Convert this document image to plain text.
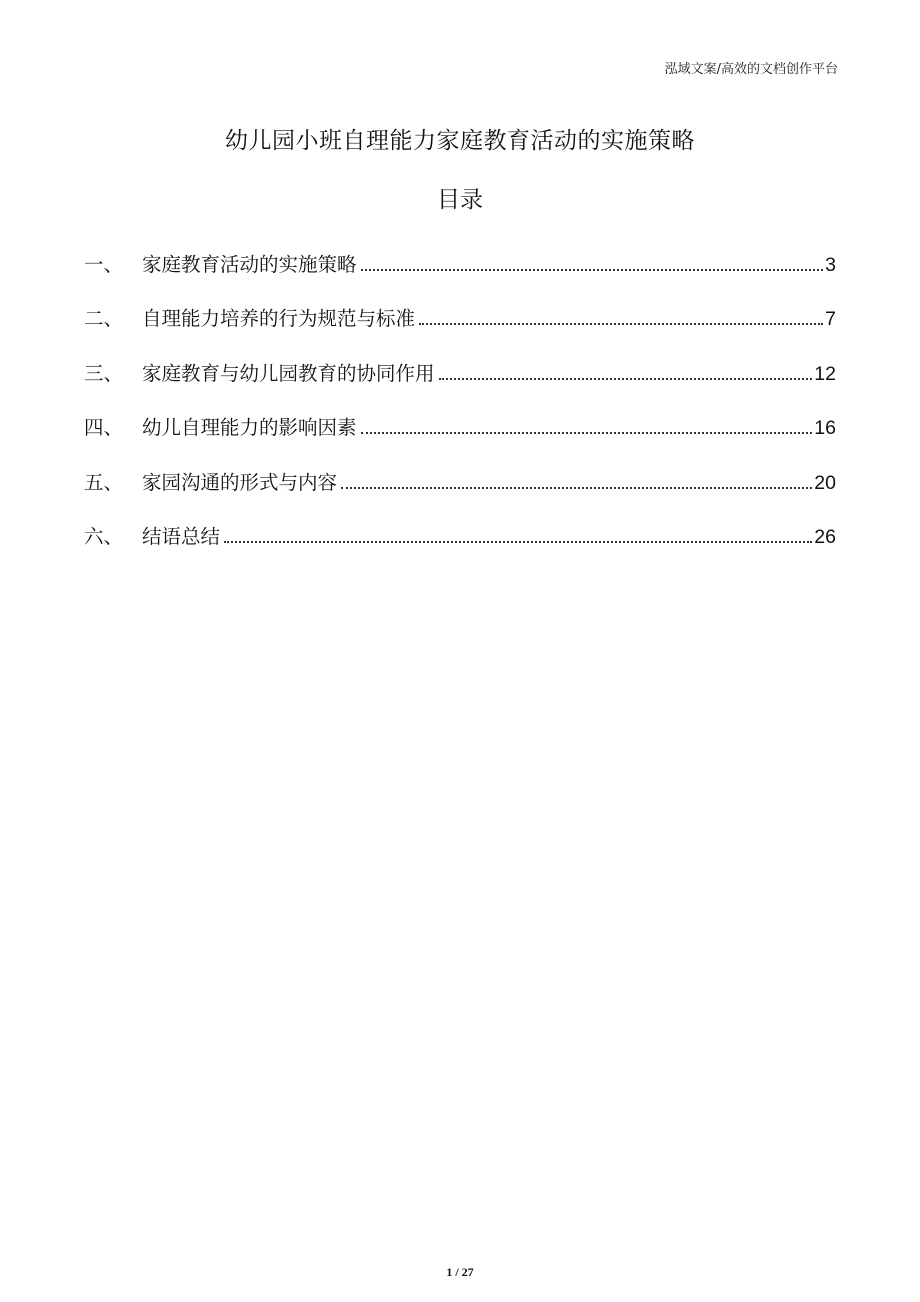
泓域文案/高效的文档创作平台
幼儿园小班自理能力家庭教育活动的实施策略
目录
一、 家庭教育活动的实施策略	3
二、 自理能力培养的行为规范与标准	7
三、 家庭教育与幼儿园教育的协同作用	12
四、 幼儿自理能力的影响因素	16
五、 家园沟通的形式与内容	20
六、 结语总结	26
1 / 27
